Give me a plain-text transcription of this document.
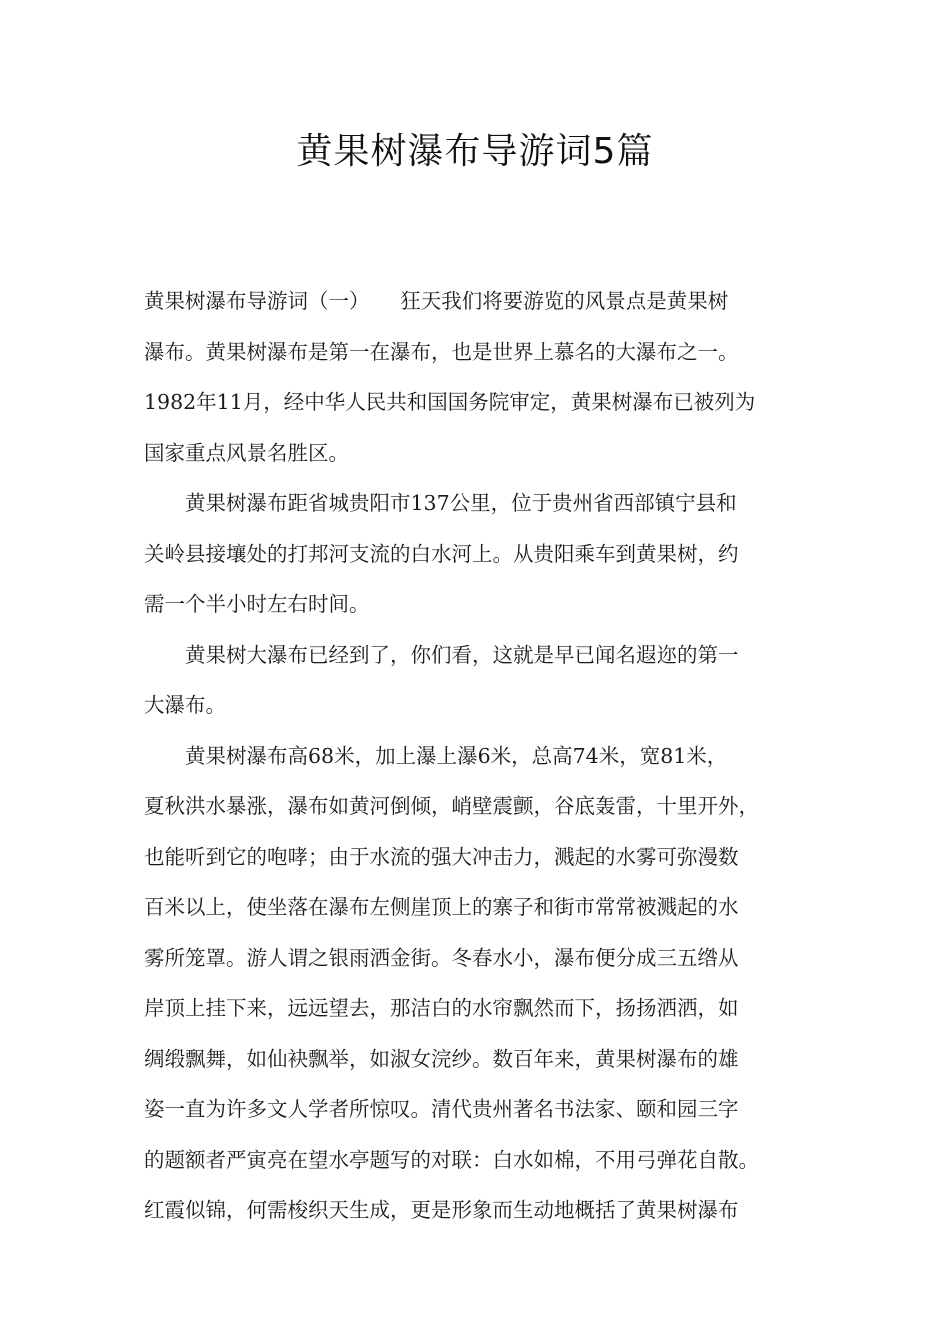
黄果树瀑布导游词5篇
黄果树瀑布导游词（一）　　狂天我们将要游览的风景点是黄果树
瀑布。黄果树瀑布是第一在瀑布，也是世界上慕名的大瀑布之一。
1982年11月，经中华人民共和国国务院审定，黄果树瀑布已被列为
国家重点风景名胜区。
　　黄果树瀑布距省城贵阳市137公里，位于贵州省西部镇宁县和
关岭县接壤处的打邦河支流的白水河上。从贵阳乘车到黄果树，约
需一个半小时左右时间。
　　黄果树大瀑布已经到了，你们看，这就是早已闻名遐迩的第一
大瀑布。
　　黄果树瀑布高68米，加上瀑上瀑6米，总高74米，宽81米，
夏秋洪水暴涨，瀑布如黄河倒倾，峭壁震颤，谷底轰雷，十里开外，
也能听到它的咆哮；由于水流的强大冲击力，溅起的水雾可弥漫数
百米以上，使坐落在瀑布左侧崖顶上的寨子和街市常常被溅起的水
雾所笼罩。游人谓之银雨洒金街。冬春水小，瀑布便分成三五绺从
岸顶上挂下来，远远望去，那洁白的水帘飘然而下，扬扬洒洒，如
绸缎飘舞，如仙袂飘举，如淑女浣纱。数百年来，黄果树瀑布的雄
姿一直为许多文人学者所惊叹。清代贵州著名书法家、颐和园三字
的题额者严寅亮在望水亭题写的对联：白水如棉，不用弓弹花自散。
红霞似锦，何需梭织天生成，更是形象而生动地概括了黄果树瀑布
